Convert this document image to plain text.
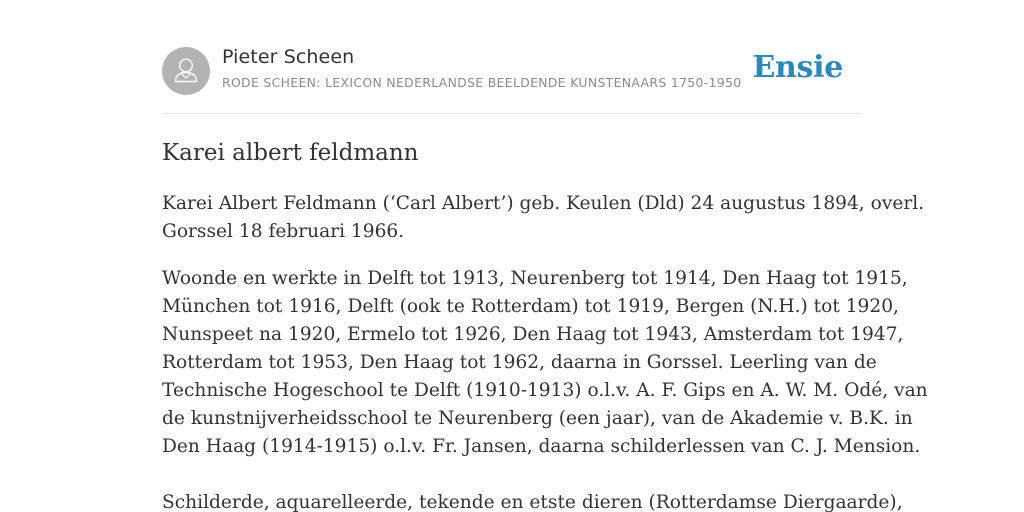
Pieter Scheen
RODE SCHEEN: LEXICON NEDERLANDSE BEELDENDE KUNSTENAARS 1750-1950 Ensie
Karei albert feldmann

Karei Albert Feldmann (‘Carl Albert’) geb. Keulen (Dld) 24 augustus 1894, overl.
Gorssel 18 februari 1966.

Woonde en werkte in Delft tot 1913, Neurenberg tot 1914, Den Haag tot 1915,
München tot 1916, Delft (ook te Rotterdam) tot 1919, Bergen (N.H.) tot 1920,
Nunspeet na 1920, Ermelo tot 1926, Den Haag tot 1943, Amsterdam tot 1947,
Rotterdam tot 1953, Den Haag tot 1962, daarna in Gorssel. Leerling van de
Technische Hogeschool te Delft (1910-1913) o.l.v. A. F. Gips en A. W. M. Odé, van
de kunstnijverheidsschool te Neurenberg (een jaar), van de Akademie v. B.K. in
Den Haag (1914-1915) o.l.v. Fr. Jansen, daarna schilderlessen van C. J. Mension.

Schilderde, aquarelleerde, tekende en etste dieren (Rotterdamse Diergaarde),
